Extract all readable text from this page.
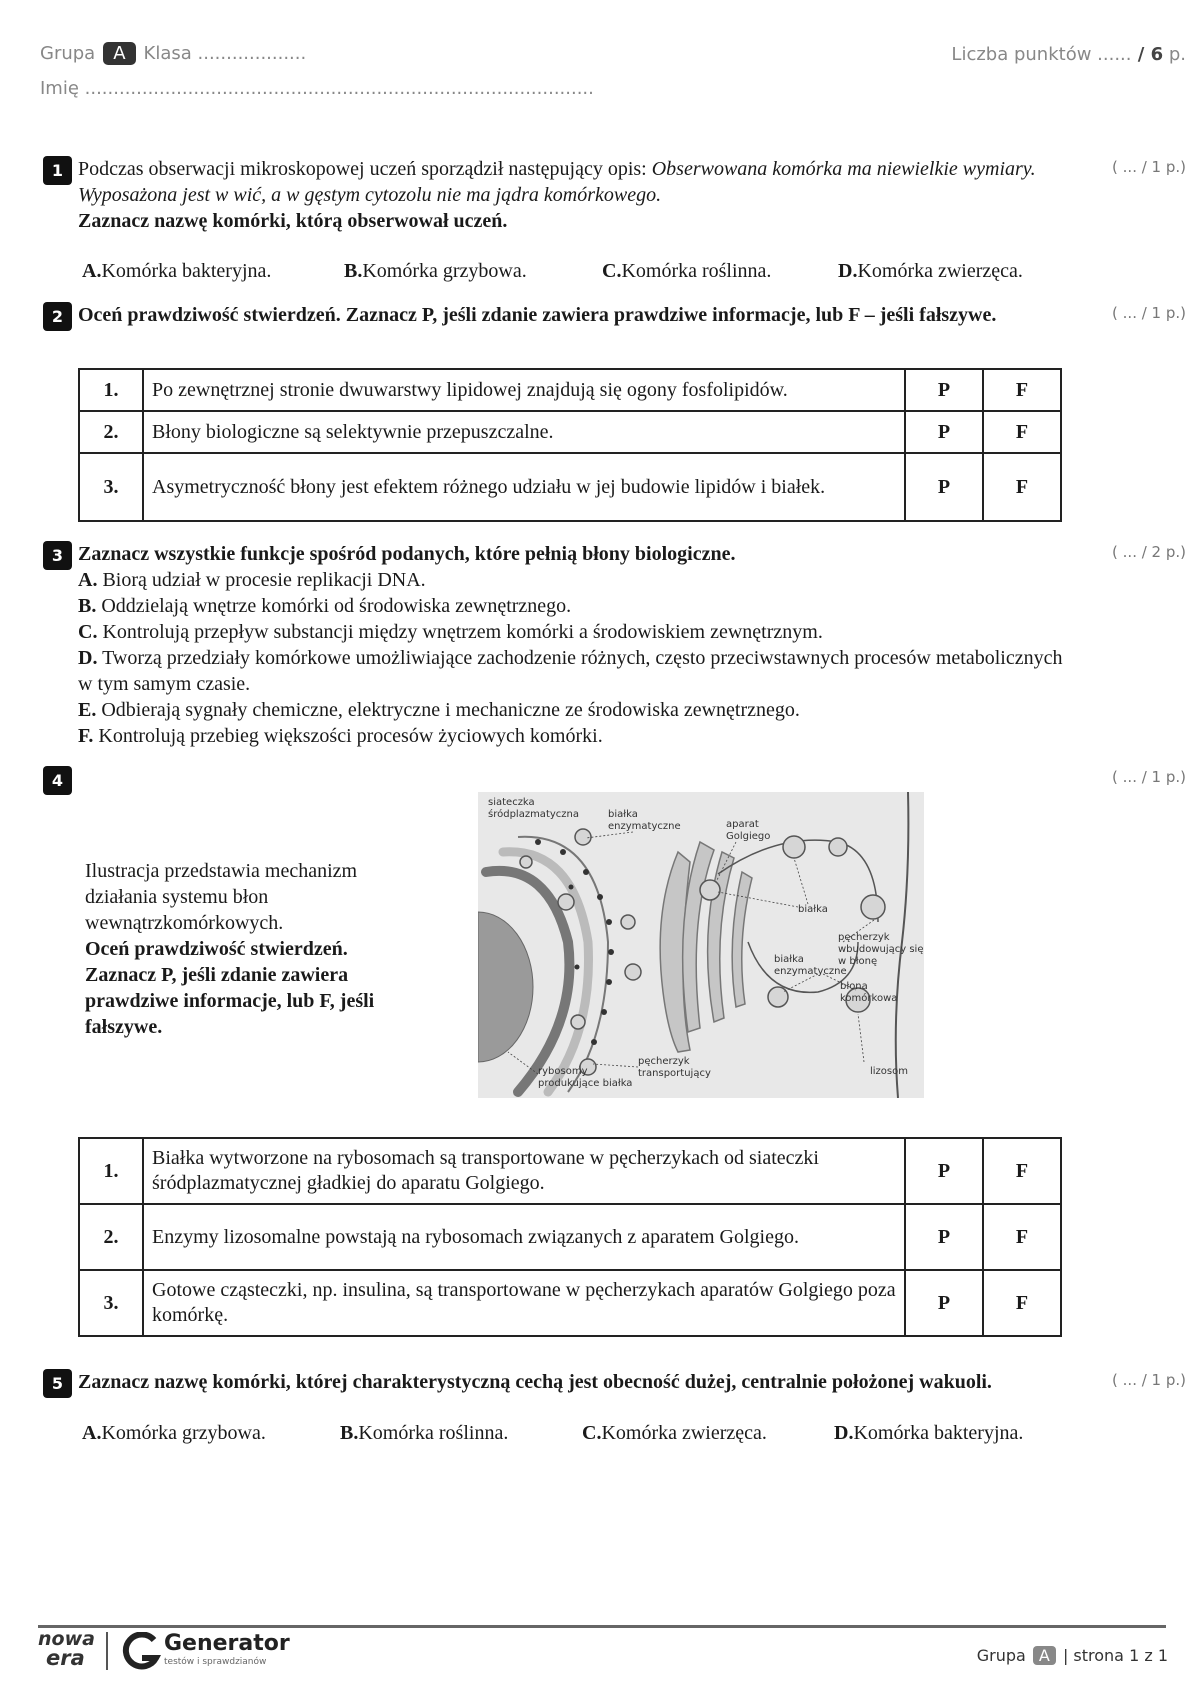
Grupa A Klasa ...................
Imię .........................................................................................
Liczba punktów ...... / 6 p.
1	( ... / 1 p.)
Podczas obserwacji mikroskopowej uczeń sporządził następujący opis: Obserwowana komórka ma niewielkie wymiary. Wyposażona jest w wić, a w gęstym cytozolu nie ma jądra komórkowego.
Zaznacz nazwę komórki, którą obserwował uczeń.
A.Komórka bakteryjna.	B.Komórka grzybowa.	C.Komórka roślinna.	D.Komórka zwierzęca.
2	( ... / 1 p.)
Oceń prawdziwość stwierdzeń. Zaznacz P, jeśli zdanie zawiera prawdziwe informacje, lub F – jeśli fałszywe.
1.	Po zewnętrznej stronie dwuwarstwy lipidowej znajdują się ogony fosfolipidów.	P	F
2.	Błony biologiczne są selektywnie przepuszczalne.	P	F
3.	Asymetryczność błony jest efektem różnego udziału w jej budowie lipidów i białek.	P	F
3	( ... / 2 p.)
Zaznacz wszystkie funkcje spośród podanych, które pełnią błony biologiczne.
A. Biorą udział w procesie replikacji DNA.
B. Oddzielają wnętrze komórki od środowiska zewnętrznego.
C. Kontrolują przepływ substancji między wnętrzem komórki a środowiskiem zewnętrznym.
D. Tworzą przedziały komórkowe umożliwiające zachodzenie różnych, często przeciwstawnych procesów metabolicznych w tym samym czasie.
E. Odbierają sygnały chemiczne, elektryczne i mechaniczne ze środowiska zewnętrznego.
F. Kontrolują przebieg większości procesów życiowych komórki.
4	( ... / 1 p.)
Ilustracja przedstawia mechanizm działania systemu błon wewnątrzkomórkowych.
Oceń prawdziwość stwierdzeń. Zaznacz P, jeśli zdanie zawiera prawdziwe informacje, lub F, jeśli fałszywe.
siateczka śródplazmatyczna	białka enzymatyczne	aparat Golgiego
białka
pęcherzyk wbudowujący się w błonę
białka enzymatyczne
błona komórkowa
rybosomy produkujące białka
pęcherzyk transportujący	lizosom
1.	Białka wytworzone na rybosomach są transportowane w pęcherzykach od siateczki śródplazmatycznej gładkiej do aparatu Golgiego.	P	F
2.	Enzymy lizosomalne powstają na rybosomach związanych z aparatem Golgiego.	P	F
3.	Gotowe cząsteczki, np. insulina, są transportowane w pęcherzykach aparatów Golgiego poza komórkę.	P	F
5	( ... / 1 p.)
Zaznacz nazwę komórki, której charakterystyczną cechą jest obecność dużej, centralnie położonej wakuoli.
A.Komórka grzybowa.	B.Komórka roślinna.	C.Komórka zwierzęca.	D.Komórka bakteryjna.
nowa
era
Generator
testów i sprawdzianów	Grupa A | strona 1 z 1
